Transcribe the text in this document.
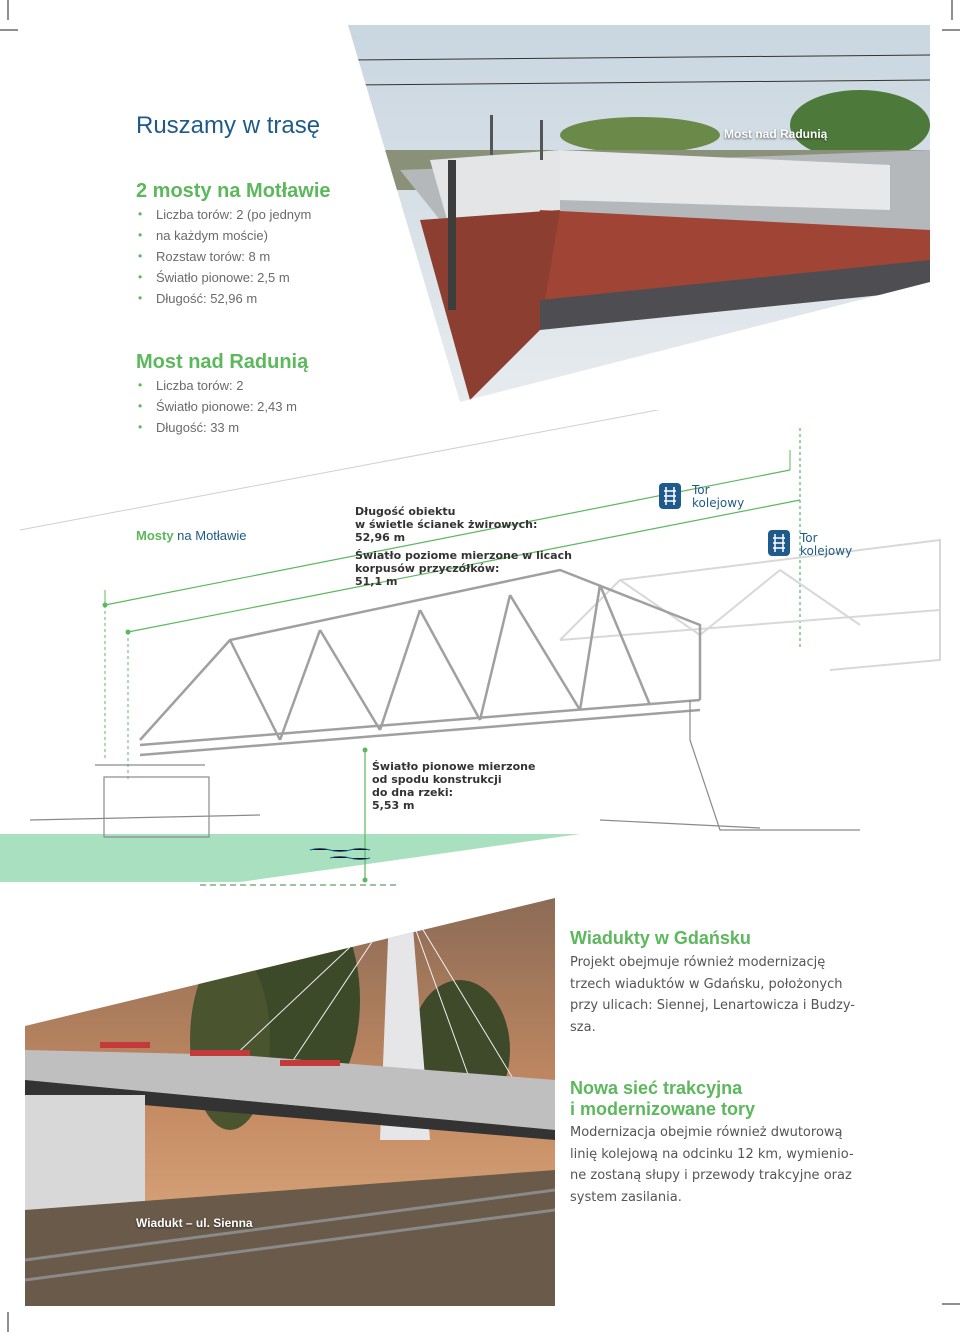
Most nad Radunią
Ruszamy w trasę
2 mosty na Motławie
• Liczba torów: 2 (po jednym
• na każdym moście)
• Rozstaw torów: 8 m
• Światło pionowe: 2,5 m
• Długość: 52,96 m
Most nad Radunią
• Liczba torów: 2
• Światło pionowe: 2,43 m
• Długość: 33 m
Mosty na Motławie
Długość obiektu
w świetle ścianek żwirowych:
52,96 m
Światło poziome mierzone w licach
korpusów przyczółków:
51,1 m
Tor
kolejowy
Tor
kolejowy
Światło pionowe mierzone
od spodu konstrukcji
do dna rzeki:
5,53 m
Wiadukt – ul. Sienna
Wiadukty w Gdańsku
Projekt obejmuje również modernizację
trzech wiaduktów w Gdańsku, położonych
przy ulicach: Siennej, Lenartowicza i Budzy-
sza.
Nowa sieć trakcyjna
i modernizowane tory
Modernizacja obejmie również dwutorową
linię kolejową na odcinku 12 km, wymienio-
ne zostaną słupy i przewody trakcyjne oraz
system zasilania.
